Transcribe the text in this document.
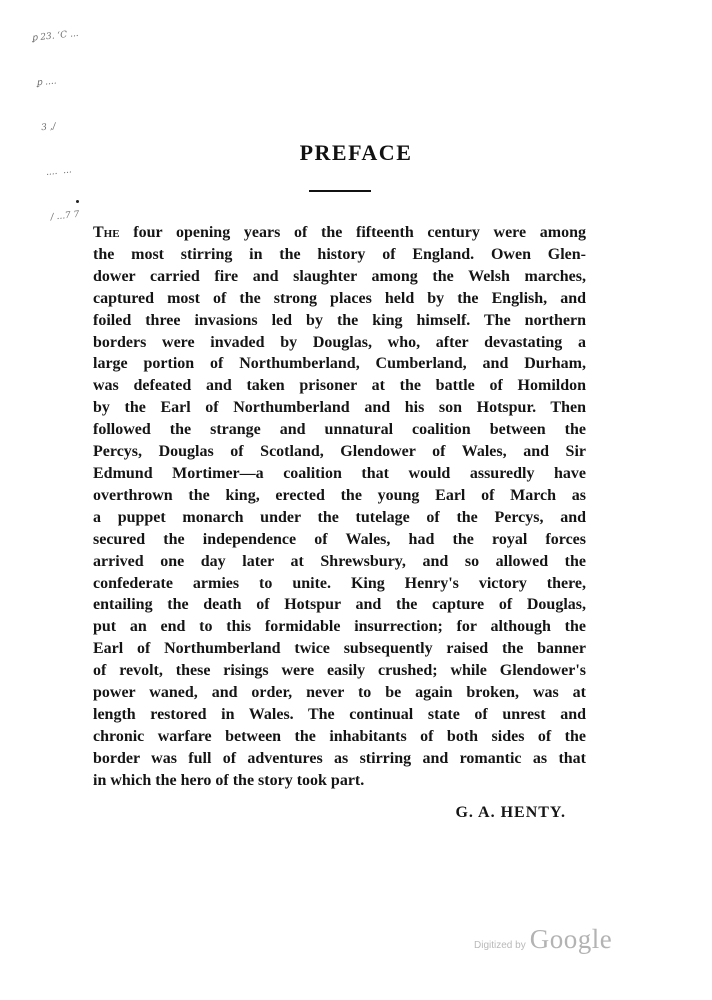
ꝑ 23. ‘C ...

ꝑ ....

3 ,/

....  ...

/ ...7 7

PREFACE
The four opening years of the fifteenth century were among
the most stirring in the history of England. Owen Glen-
dower carried fire and slaughter among the Welsh marches,
captured most of the strong places held by the English, and
foiled three invasions led by the king himself. The northern
borders were invaded by Douglas, who, after devastating a
large portion of Northumberland, Cumberland, and Durham,
was defeated and taken prisoner at the battle of Homildon
by the Earl of Northumberland and his son Hotspur. Then
followed the strange and unnatural coalition between the
Percys, Douglas of Scotland, Glendower of Wales, and Sir
Edmund Mortimer—a coalition that would assuredly have
overthrown the king, erected the young Earl of March as
a puppet monarch under the tutelage of the Percys, and
secured the independence of Wales, had the royal forces
arrived one day later at Shrewsbury, and so allowed the
confederate armies to unite. King Henry's victory there,
entailing the death of Hotspur and the capture of Douglas,
put an end to this formidable insurrection; for although the
Earl of Northumberland twice subsequently raised the banner
of revolt, these risings were easily crushed; while Glendower's
power waned, and order, never to be again broken, was at
length restored in Wales. The continual state of unrest and
chronic warfare between the inhabitants of both sides of the
border was full of adventures as stirring and romantic as that
in which the hero of the story took part.
G. A. HENTY.
Digitized by Google
